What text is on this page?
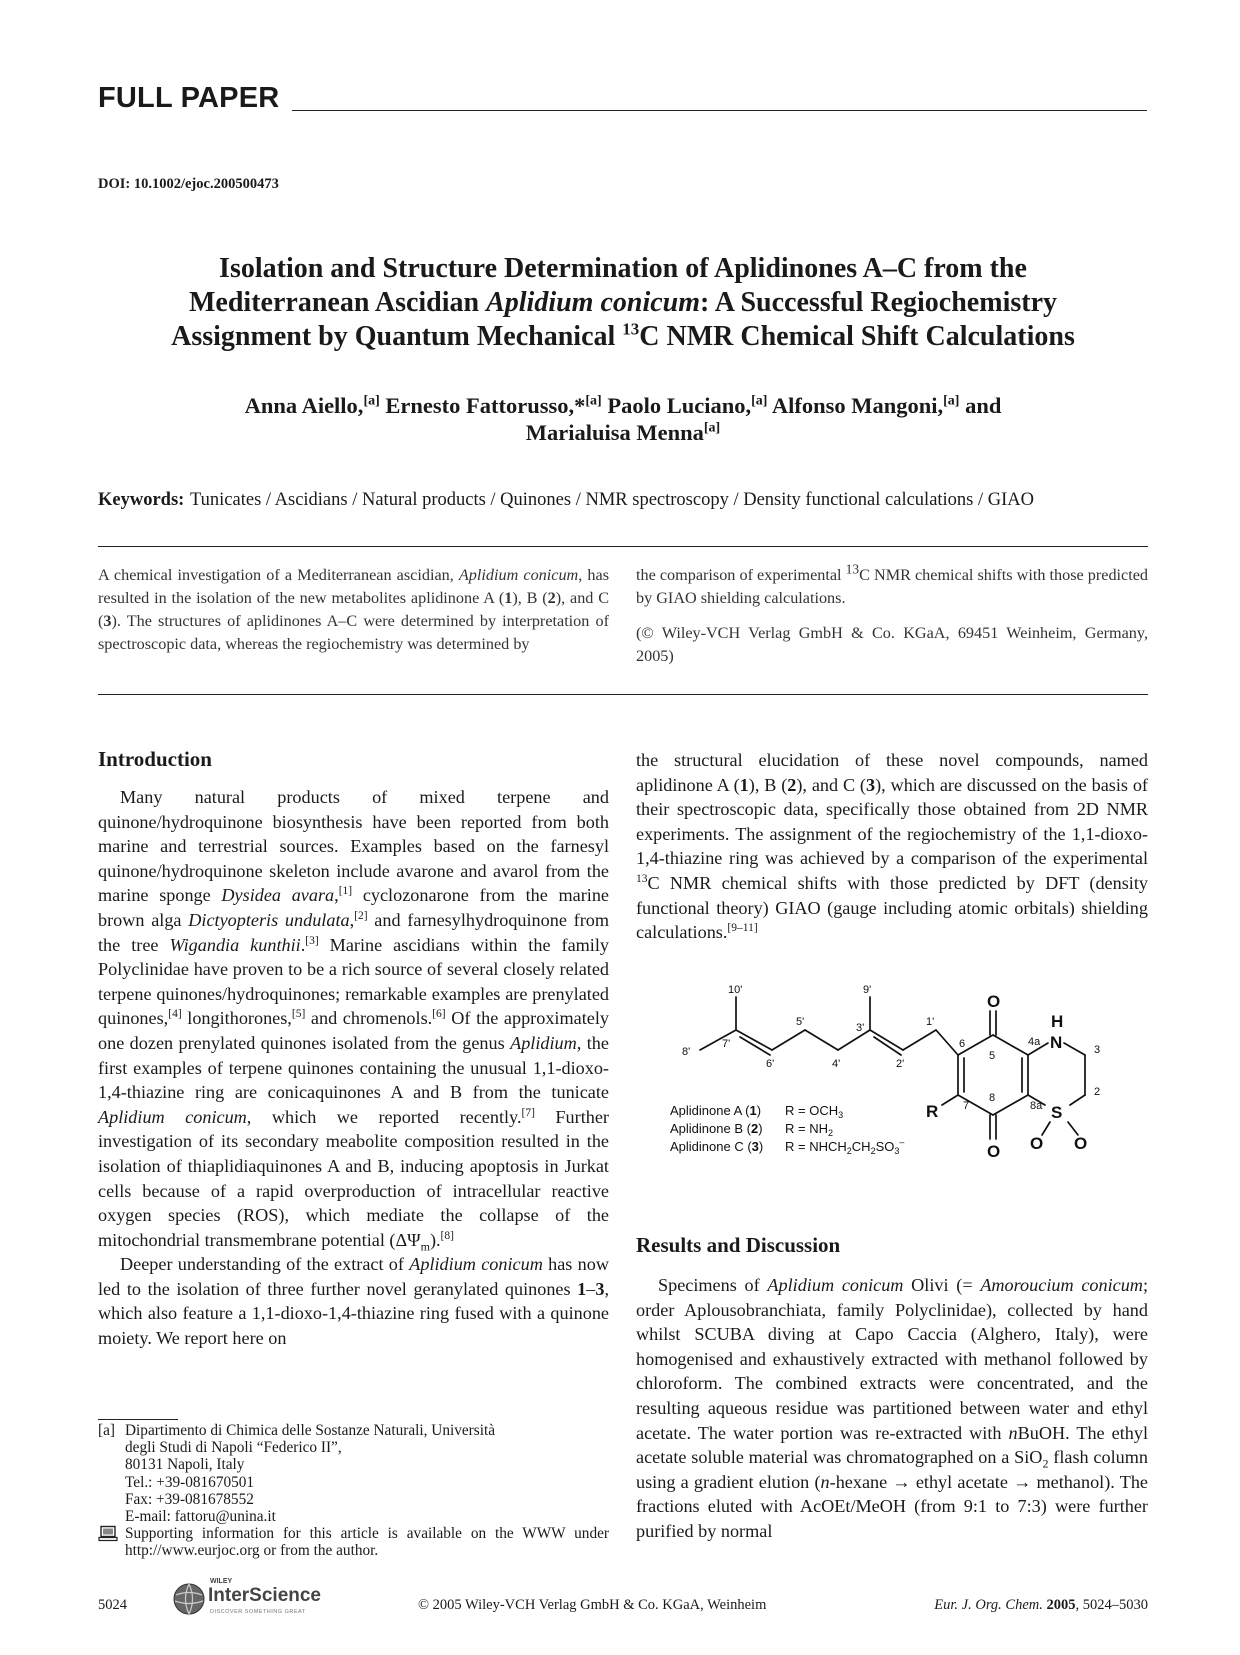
FULL PAPER
DOI: 10.1002/ejoc.200500473
Isolation and Structure Determination of Aplidinones A–C from the
Mediterranean Ascidian Aplidium conicum: A Successful Regiochemistry
Assignment by Quantum Mechanical $^{13}$C NMR Chemical Shift Calculations
Anna Aiello,[a] Ernesto Fattorusso,*[a] Paolo Luciano,[a] Alfonso Mangoni,[a] and
Marialuisa Menna[a]
Keywords: Tunicates / Ascidians / Natural products / Quinones / NMR spectroscopy / Density functional calculations / GIAO

A chemical investigation of a Mediterranean ascidian, Aplidium conicum, has resulted in the isolation of the new metabolites aplidinone A (1), B (2), and C (3). The structures of aplidinones A–C were determined by interpretation of spectroscopic data, whereas the regiochemistry was determined by

the comparison of experimental $^{13}$C NMR chemical shifts with those predicted by GIAO shielding calculations.

(© Wiley-VCH Verlag GmbH & Co. KGaA, 69451 Weinheim, Germany, 2005)

Introduction

Many natural products of mixed terpene and quinone/hydroquinone biosynthesis have been reported from both marine and terrestrial sources. Examples based on the farnesyl quinone/hydroquinone skeleton include avarone and avarol from the marine sponge Dysidea avara,[1] cyclozonarone from the marine brown alga Dictyopteris undulata,[2] and farnesylhydroquinone from the tree Wigandia kunthii.[3] Marine ascidians within the family Polyclinidae have proven to be a rich source of several closely related terpene quinones/hydroquinones; remarkable examples are prenylated quinones,[4] longithorones,[5] and chromenols.[6] Of the approximately one dozen prenylated quinones isolated from the genus Aplidium, the first examples of terpene quinones containing the unusual 1,1-dioxo-1,4-thiazine ring are conicaquinones A and B from the tunicate Aplidium conicum, which we reported recently.[7] Further investigation of its secondary meabolite composition resulted in the isolation of thiaplidiaquinones A and B, inducing apoptosis in Jurkat cells because of a rapid overproduction of intracellular reactive oxygen species (ROS), which mediate the collapse of the mitochondrial transmembrane potential $(\Delta\Psi_m).[8]$

Deeper understanding of the extract of Aplidium conicum has now led to the isolation of three further novel geranylated quinones 1–3, which also feature a 1,1-dioxo-1,4-thiazine ring fused with a quinone moiety. We report here on

[a] Dipartimento di Chimica delle Sostanze Naturali, Università
degli Studi di Napoli “Federico II”,
80131 Napoli, Italy
Tel.: +39-081670501
Fax: +39-081678552
E-mail: fattoru@unina.it
Supporting information for this article is available on the WWW under http://www.eurjoc.org or from the author.

the structural elucidation of these novel compounds, named aplidinone A (1), B (2), and C (3), which are discussed on the basis of their spectroscopic data, specifically those obtained from 2D NMR experiments. The assignment of the regiochemistry of the 1,1-dioxo-1,4-thiazine ring was achieved by a comparison of the experimental $^{13}$C NMR chemical shifts with those predicted by DFT (density functional theory) GIAO (gauge including atomic orbitals) shielding calculations.[9–11]

10'	9'
8'
7'
6'
5'
4'
3'
2'
1'
6
5
4a
3
2
7
8
8a
O
O
H
N
S
O O
R
Aplidinone A (1) $R = OCH_3$
Aplidinone B (2) $R = NH_2$
Aplidinone C (3) $R = NHCH_2CH_2SO_3^-$
Results and Discussion

Specimens of Aplidium conicum Olivi (= Amoroucium conicum; order Aplousobranchiata, family Polyclinidae), collected by hand whilst SCUBA diving at Capo Caccia (Alghero, Italy), were homogenised and exhaustively extracted with methanol followed by chloroform. The combined extracts were concentrated, and the resulting aqueous residue was partitioned between water and ethyl acetate. The water portion was re-extracted with nBuOH. The ethyl acetate soluble material was chromatographed on a SiO$_2$ flash column using a gradient elution (n-hexane → ethyl acetate → methanol). The fractions eluted with AcOEt/MeOH (from 9:1 to 7:3) were further purified by normal

5024
WILEY
InterScience
DISCOVER SOMETHING GREAT	© 2005 Wiley-VCH Verlag GmbH & Co. KGaA, Weinheim	Eur. J. Org. Chem. 2005, 5024–5030
